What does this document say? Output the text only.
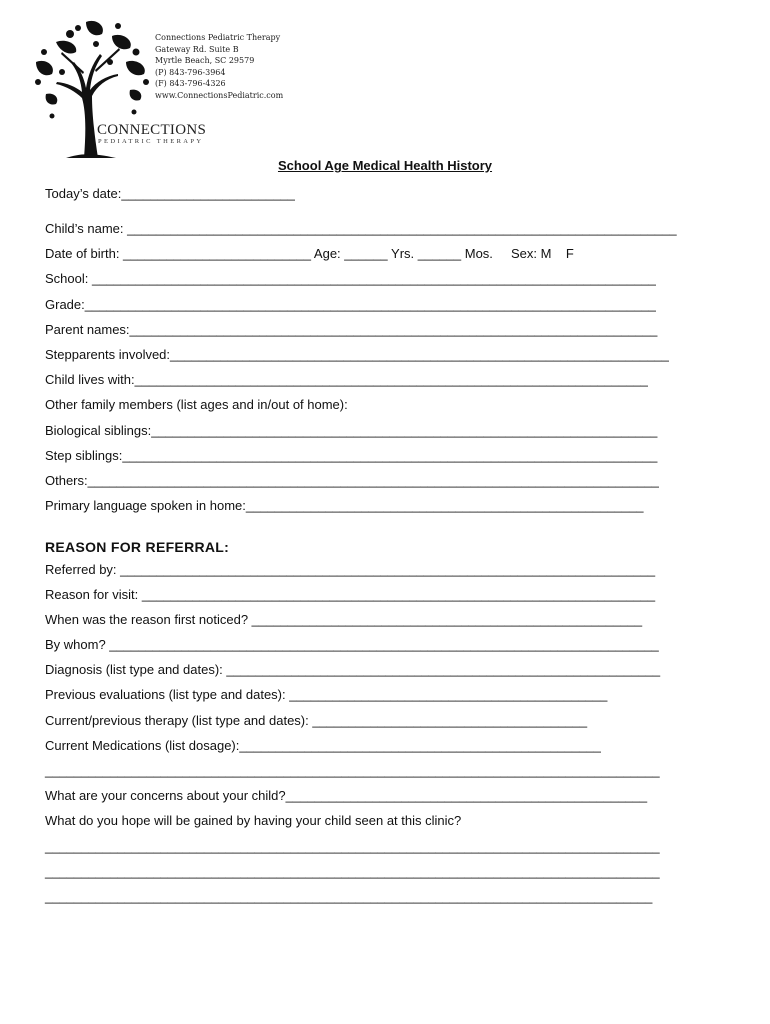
Connections Pediatric Therapy
Gateway Rd. Suite B
Myrtle Beach, SC 29579
(P) 843-796-3964
(F) 843-796-4326
www.ConnectionsPediatric.com
CONNECTIONS
PEDIATRIC THERAPY
School Age Medical Health History
Today’s date:________________________
Child’s name: ____________________________________________________________________________
Date of birth: __________________________ Age: ______ Yrs. ______ Mos.     Sex: M    F
School: ______________________________________________________________________________
Grade:_______________________________________________________________________________
Parent names:_________________________________________________________________________
Stepparents involved:_____________________________________________________________________
Child lives with:_______________________________________________________________________
Other family members (list ages and in/out of home):
Biological siblings:______________________________________________________________________
Step siblings:__________________________________________________________________________
Others:_______________________________________________________________________________
Primary language spoken in home:_______________________________________________________
REASON FOR REFERRAL:
Referred by: __________________________________________________________________________
Reason for visit: _______________________________________________________________________
When was the reason first noticed? ______________________________________________________
By whom? ____________________________________________________________________________
Diagnosis (list type and dates): ____________________________________________________________
Previous evaluations (list type and dates): ____________________________________________
Current/previous therapy (list type and dates): ______________________________________
Current Medications (list dosage):__________________________________________________
_____________________________________________________________________________________
What are your concerns about your child?__________________________________________________
What do you hope will be gained by having your child seen at this clinic?
_____________________________________________________________________________________
_____________________________________________________________________________________
____________________________________________________________________________________
